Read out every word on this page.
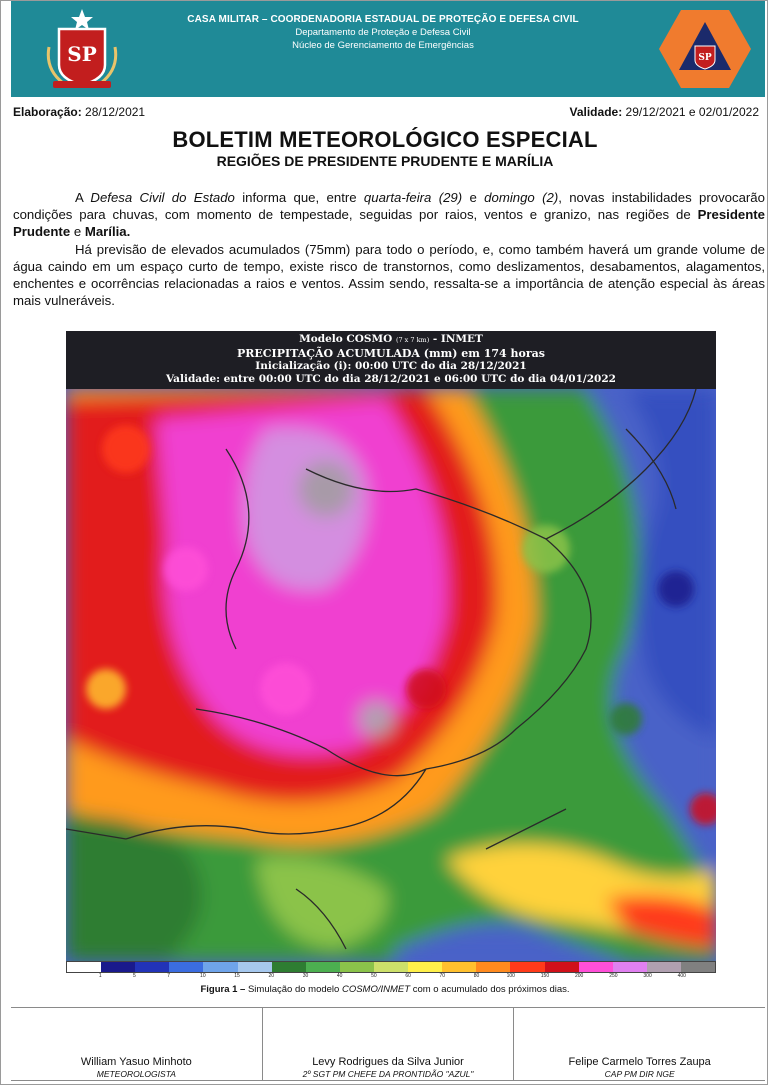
SP
CASA MILITAR – COORDENADORIA ESTADUAL DE PROTEÇÃO E DEFESA CIVIL
Departamento de Proteção e Defesa Civil
Núcleo de Gerenciamento de Emergências
SP
Elaboração: 28/12/2021	Validade: 29/12/2021 e 02/01/2022
BOLETIM METEOROLÓGICO ESPECIAL
REGIÕES DE PRESIDENTE PRUDENTE E MARÍLIA

A Defesa Civil do Estado informa que, entre quarta-feira (29) e domingo (2), novas instabilidades provocarão condições para chuvas, com momento de tempestade, seguidas por raios, ventos e granizo, nas regiões de Presidente Prudente e Marília.

Há previsão de elevados acumulados (75mm) para todo o período, e, como também haverá um grande volume de água caindo em um espaço curto de tempo, existe risco de transtornos, como deslizamentos, desabamentos, alagamentos, enchentes e ocorrências relacionadas a raios e ventos. Assim sendo, ressalta-se a importância de atenção especial às áreas mais vulneráveis.

Modelo COSMO (7 x 7 km) - INMET
PRECIPITAÇÃO ACUMULADA (mm) em 174 horas
Inicialização (i): 00:00 UTC do dia 28/12/2021
Validade: entre 00:00 UTC do dia 28/12/2021 e 06:00 UTC do dia 04/01/2022
1	5	7	10	15	20	30	40	50	60	70	80	100	150	200	250	300	400
Figura 1 – Simulação do modelo COSMO/INMET com o acumulado dos próximos dias.
William Yasuo Minhoto
METEOROLOGISTA
Levy Rodrigues da Silva Junior
2º SGT PM CHEFE DA PRONTIDÃO "AZUL"
Felipe Carmelo Torres Zaupa
CAP PM DIR NGE
